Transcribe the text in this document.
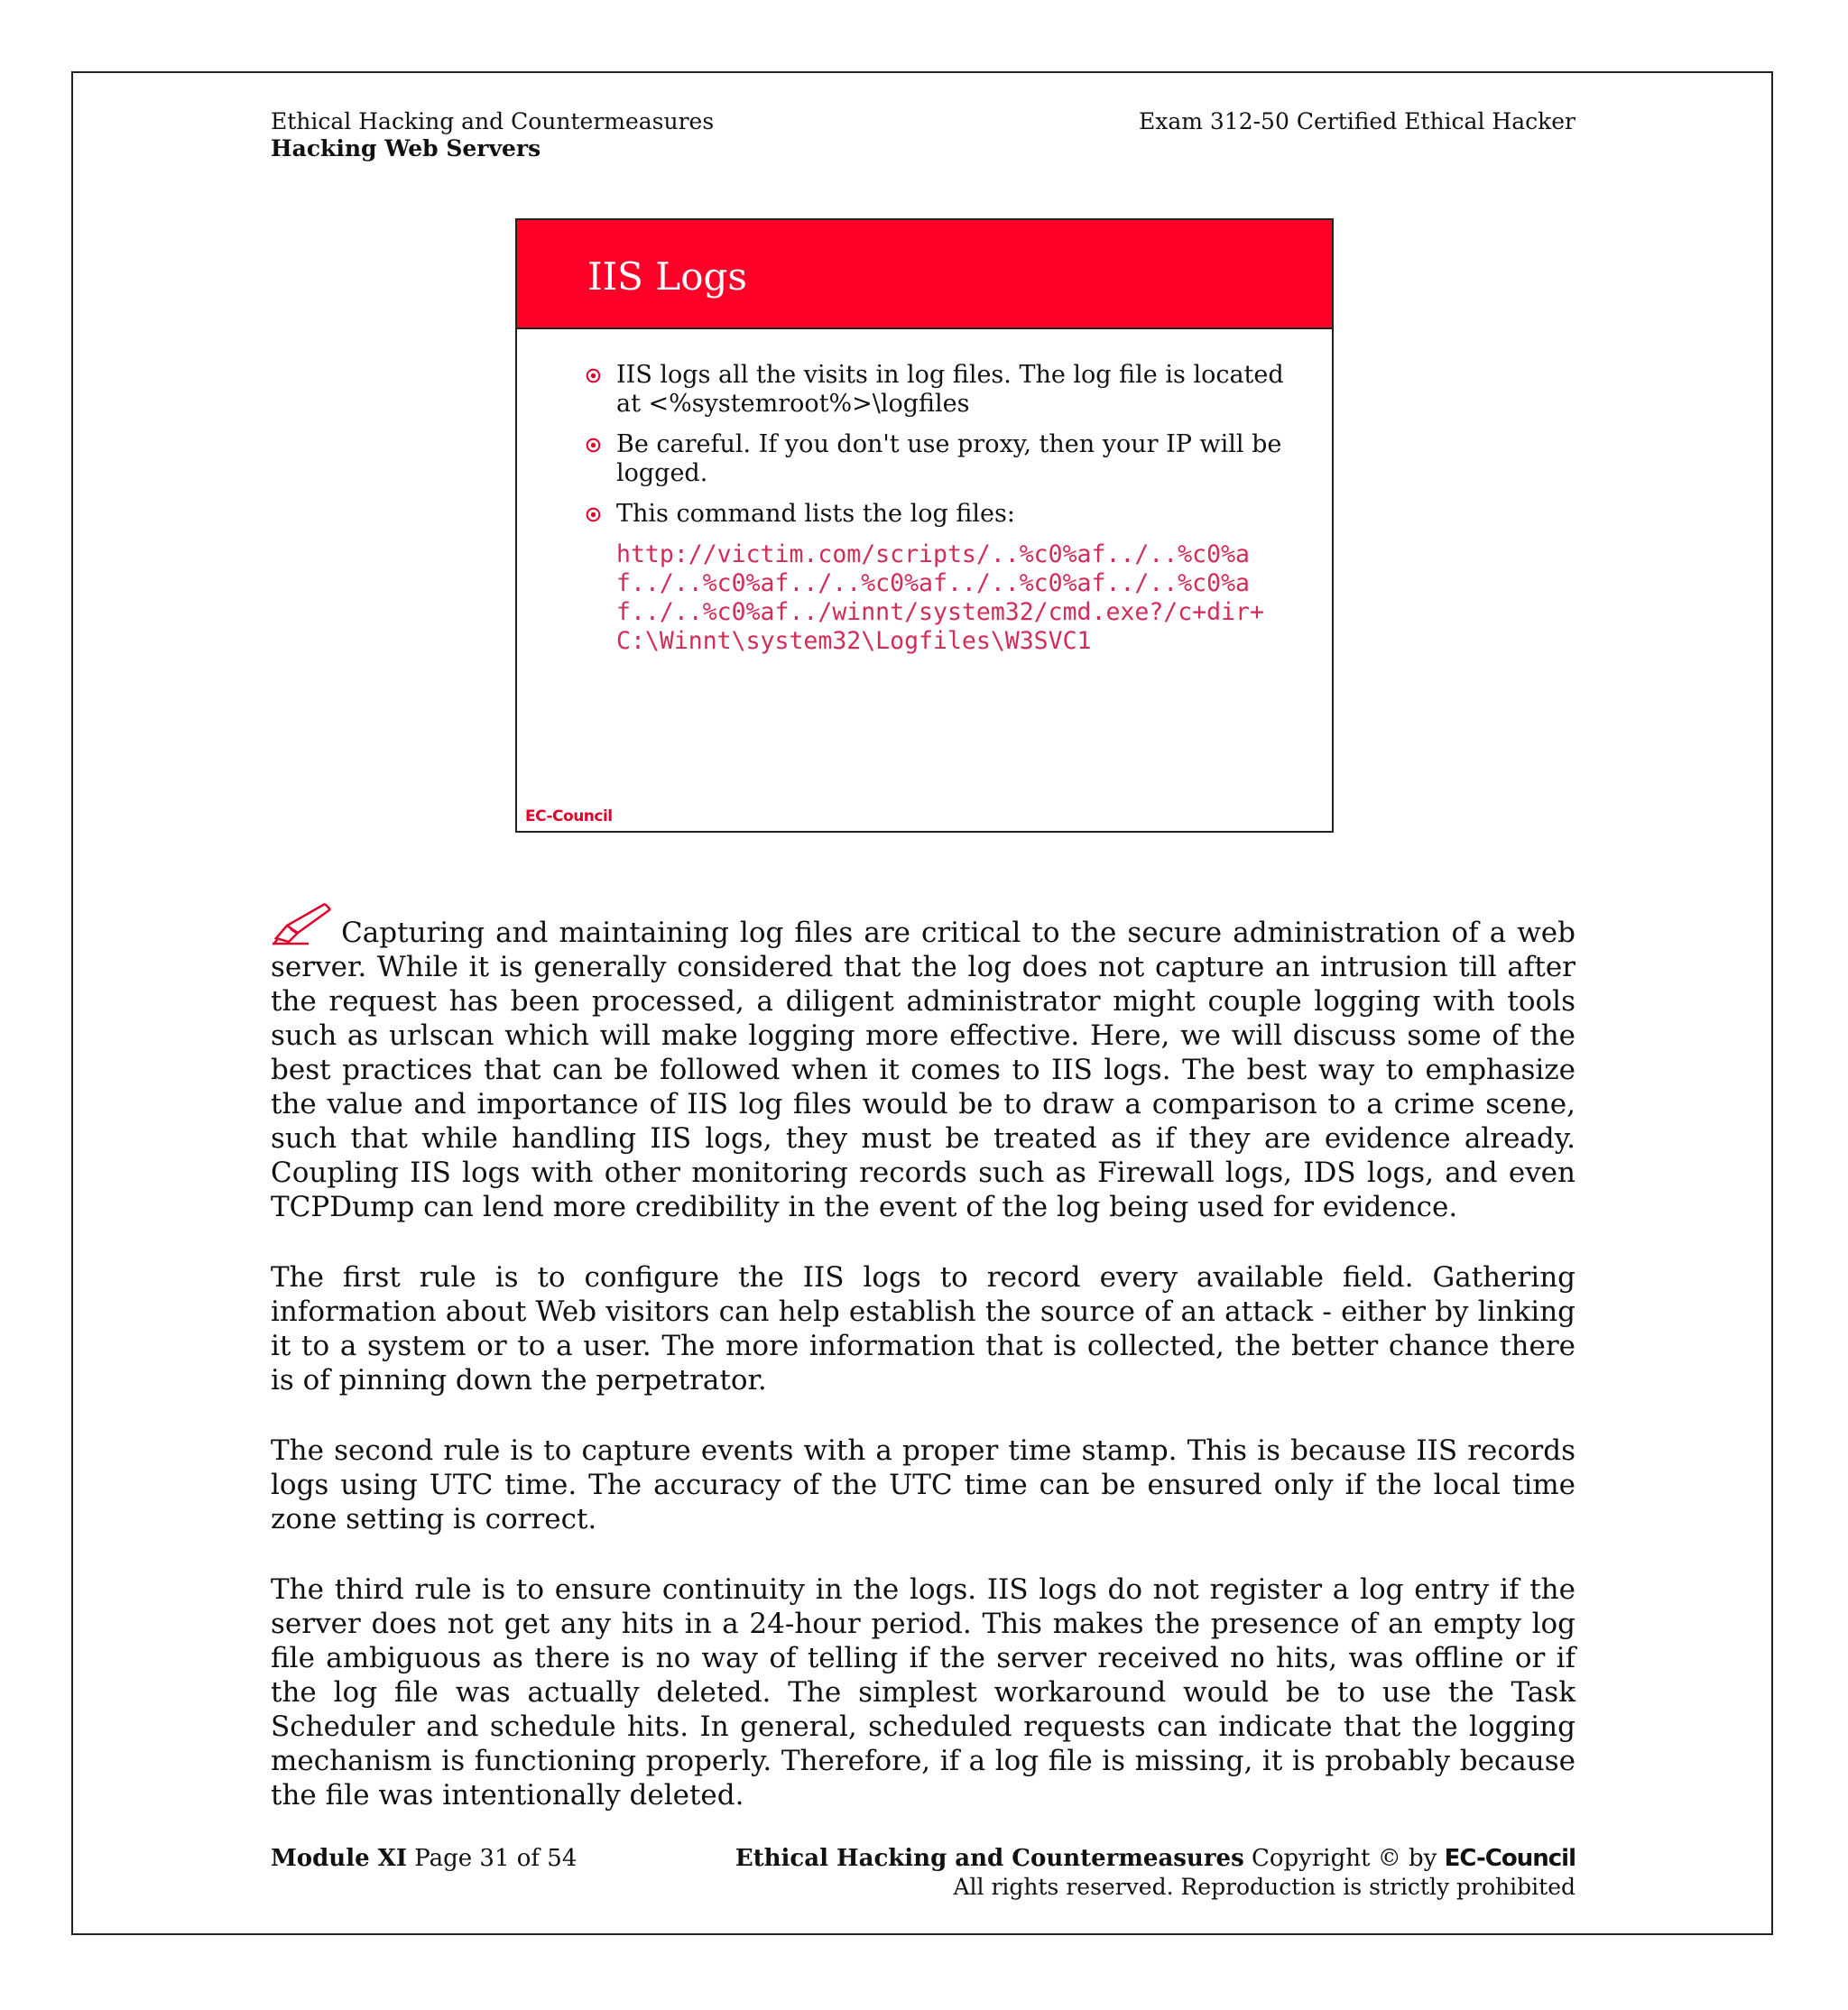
Ethical Hacking and Countermeasures
Hacking Web Servers
Exam 312-50 Certified Ethical Hacker
IIS Logs
IIS logs all the visits in log files. The log file is located at <%systemroot%>\logfiles
Be careful. If you don't use proxy, then your IP will be logged.
This command lists the log files:
http://victim.com/scripts/..%c0%af../..%c0%af../..%c0%af../..%c0%af../..%c0%af../..%c0%af../..%c0%af../winnt/system32/cmd.exe?/c+dir+C:\Winnt\system32\Logfiles\W3SVC1
EC-Council

Capturing and maintaining log files are critical to the secure administration of a web server. While it is generally considered that the log does not capture an intrusion till after the request has been processed, a diligent administrator might couple logging with tools such as urlscan which will make logging more effective. Here, we will discuss some of the best practices that can be followed when it comes to IIS logs. The best way to emphasize the value and importance of IIS log files would be to draw a comparison to a crime scene, such that while handling IIS logs, they must be treated as if they are evidence already. Coupling IIS logs with other monitoring records such as Firewall logs, IDS logs, and even TCPDump can lend more credibility in the event of the log being used for evidence.

The first rule is to configure the IIS logs to record every available field. Gathering information about Web visitors can help establish the source of an attack - either by linking it to a system or to a user. The more information that is collected, the better chance there is of pinning down the perpetrator.

The second rule is to capture events with a proper time stamp. This is because IIS records logs using UTC time. The accuracy of the UTC time can be ensured only if the local time zone setting is correct.

The third rule is to ensure continuity in the logs. IIS logs do not register a log entry if the server does not get any hits in a 24-hour period. This makes the presence of an empty log file ambiguous as there is no way of telling if the server received no hits, was offline or if the log file was actually deleted. The simplest workaround would be to use the Task Scheduler and schedule hits. In general, scheduled requests can indicate that the logging mechanism is functioning properly. Therefore, if a log file is missing, it is probably because the file was intentionally deleted.

Module XI Page 31 of 54	Ethical Hacking and Countermeasures Copyright © by EC-Council
All rights reserved. Reproduction is strictly prohibited
